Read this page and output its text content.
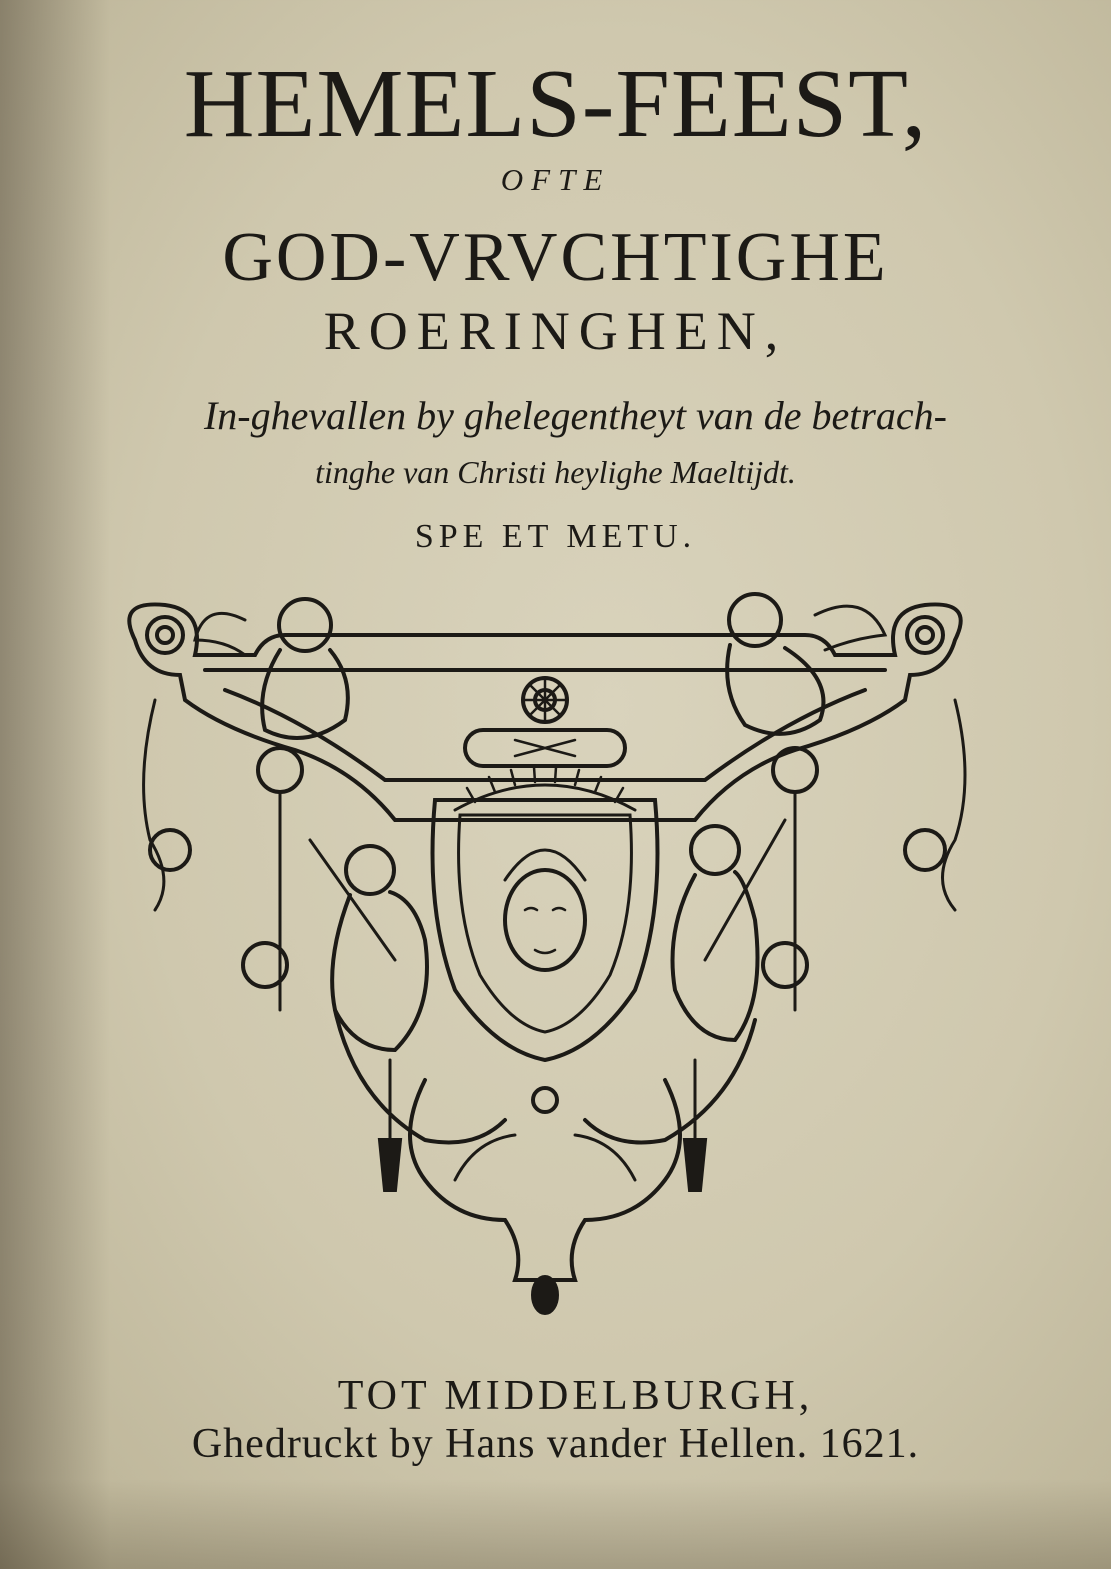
HEMELS-FEEST,
OFTE
GOD-VRVCHTIGHE
ROERINGHEN,
In-ghevallen by ghelegentheyt van de betrach-
tinghe van Christi heylighe Maeltijdt.
SPE ET METU.
TOT MIDDELBURGH,
Ghedruckt by Hans vander Hellen. 1621.
